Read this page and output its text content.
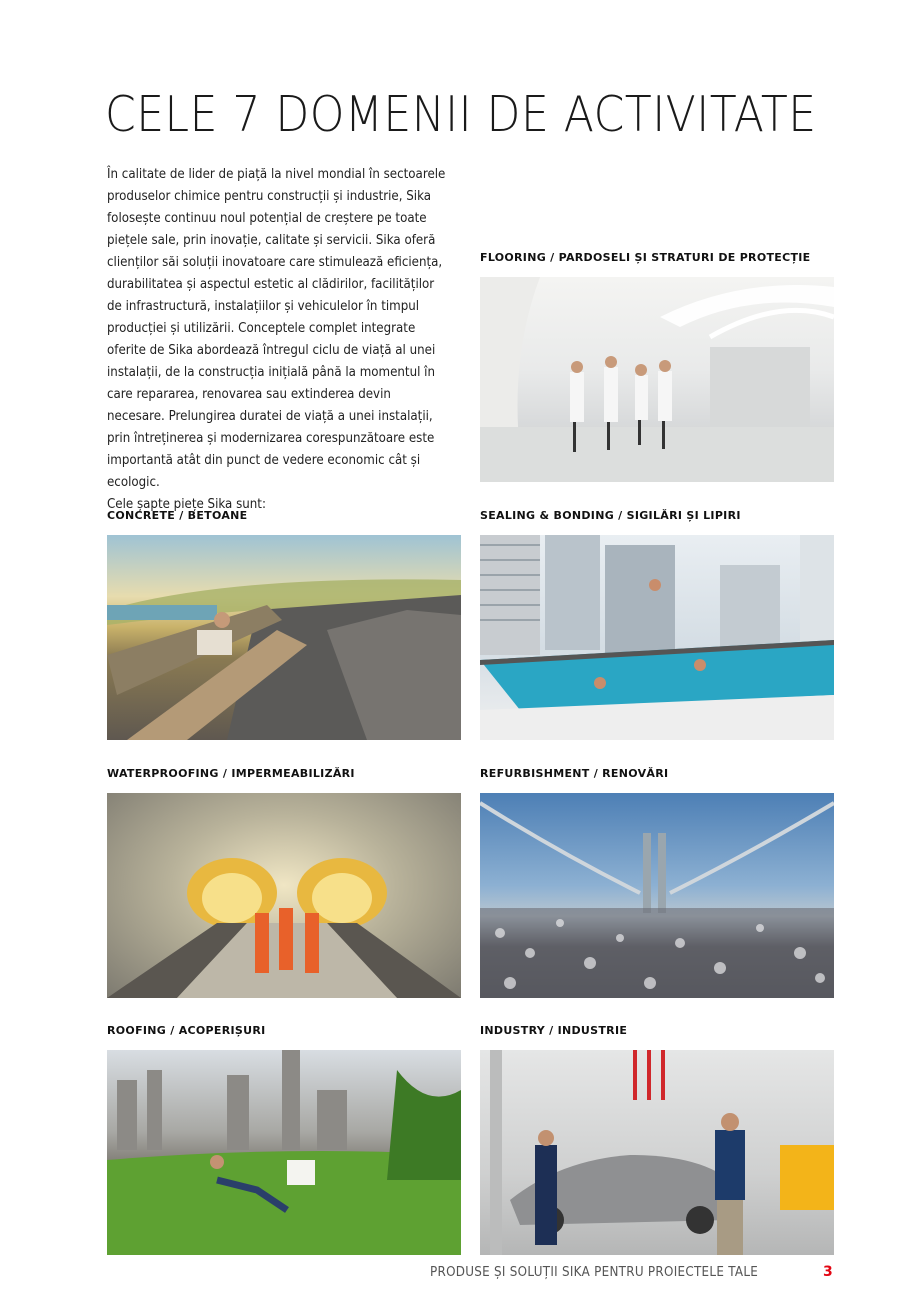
CELE 7 DOMENII DE ACTIVITATE

În calitate de lider de piață la nivel mondial în sectoarele produselor chimice pentru construcții și industrie, Sika folosește continuu noul potențial de creștere pe toate piețele sale, prin inovație, calitate și servicii. Sika oferă clienților săi soluții inovatoare care stimulează eficiența, durabilitatea și aspectul estetic al clădirilor, facilităților de infrastructură, instalațiilor și vehiculelor în timpul producției și utilizării. Conceptele complet integrate oferite de Sika abordează întregul ciclu de viață al unei instalații, de la construcția inițială până la momentul în care repararea, renovarea sau extinderea devin necesare. Prelungirea duratei de viață a unei instalații, prin întreținerea și modernizarea corespunzătoare este importantă atât din punct de vedere economic cât și ecologic.

Cele șapte piețe Sika sunt:

FLOORING / PARDOSELI ȘI STRATURI DE PROTECȚIE
CONCRETE / BETOANE	SEALING & BONDING / SIGILĂRI ȘI LIPIRI
WATERPROOFING / IMPERMEABILIZĂRI	REFURBISHMENT / RENOVĂRI
ROOFING / ACOPERIȘURI	INDUSTRY / INDUSTRIE
PRODUSE ȘI SOLUȚII SIKA PENTRU PROIECTELE TALE	3
